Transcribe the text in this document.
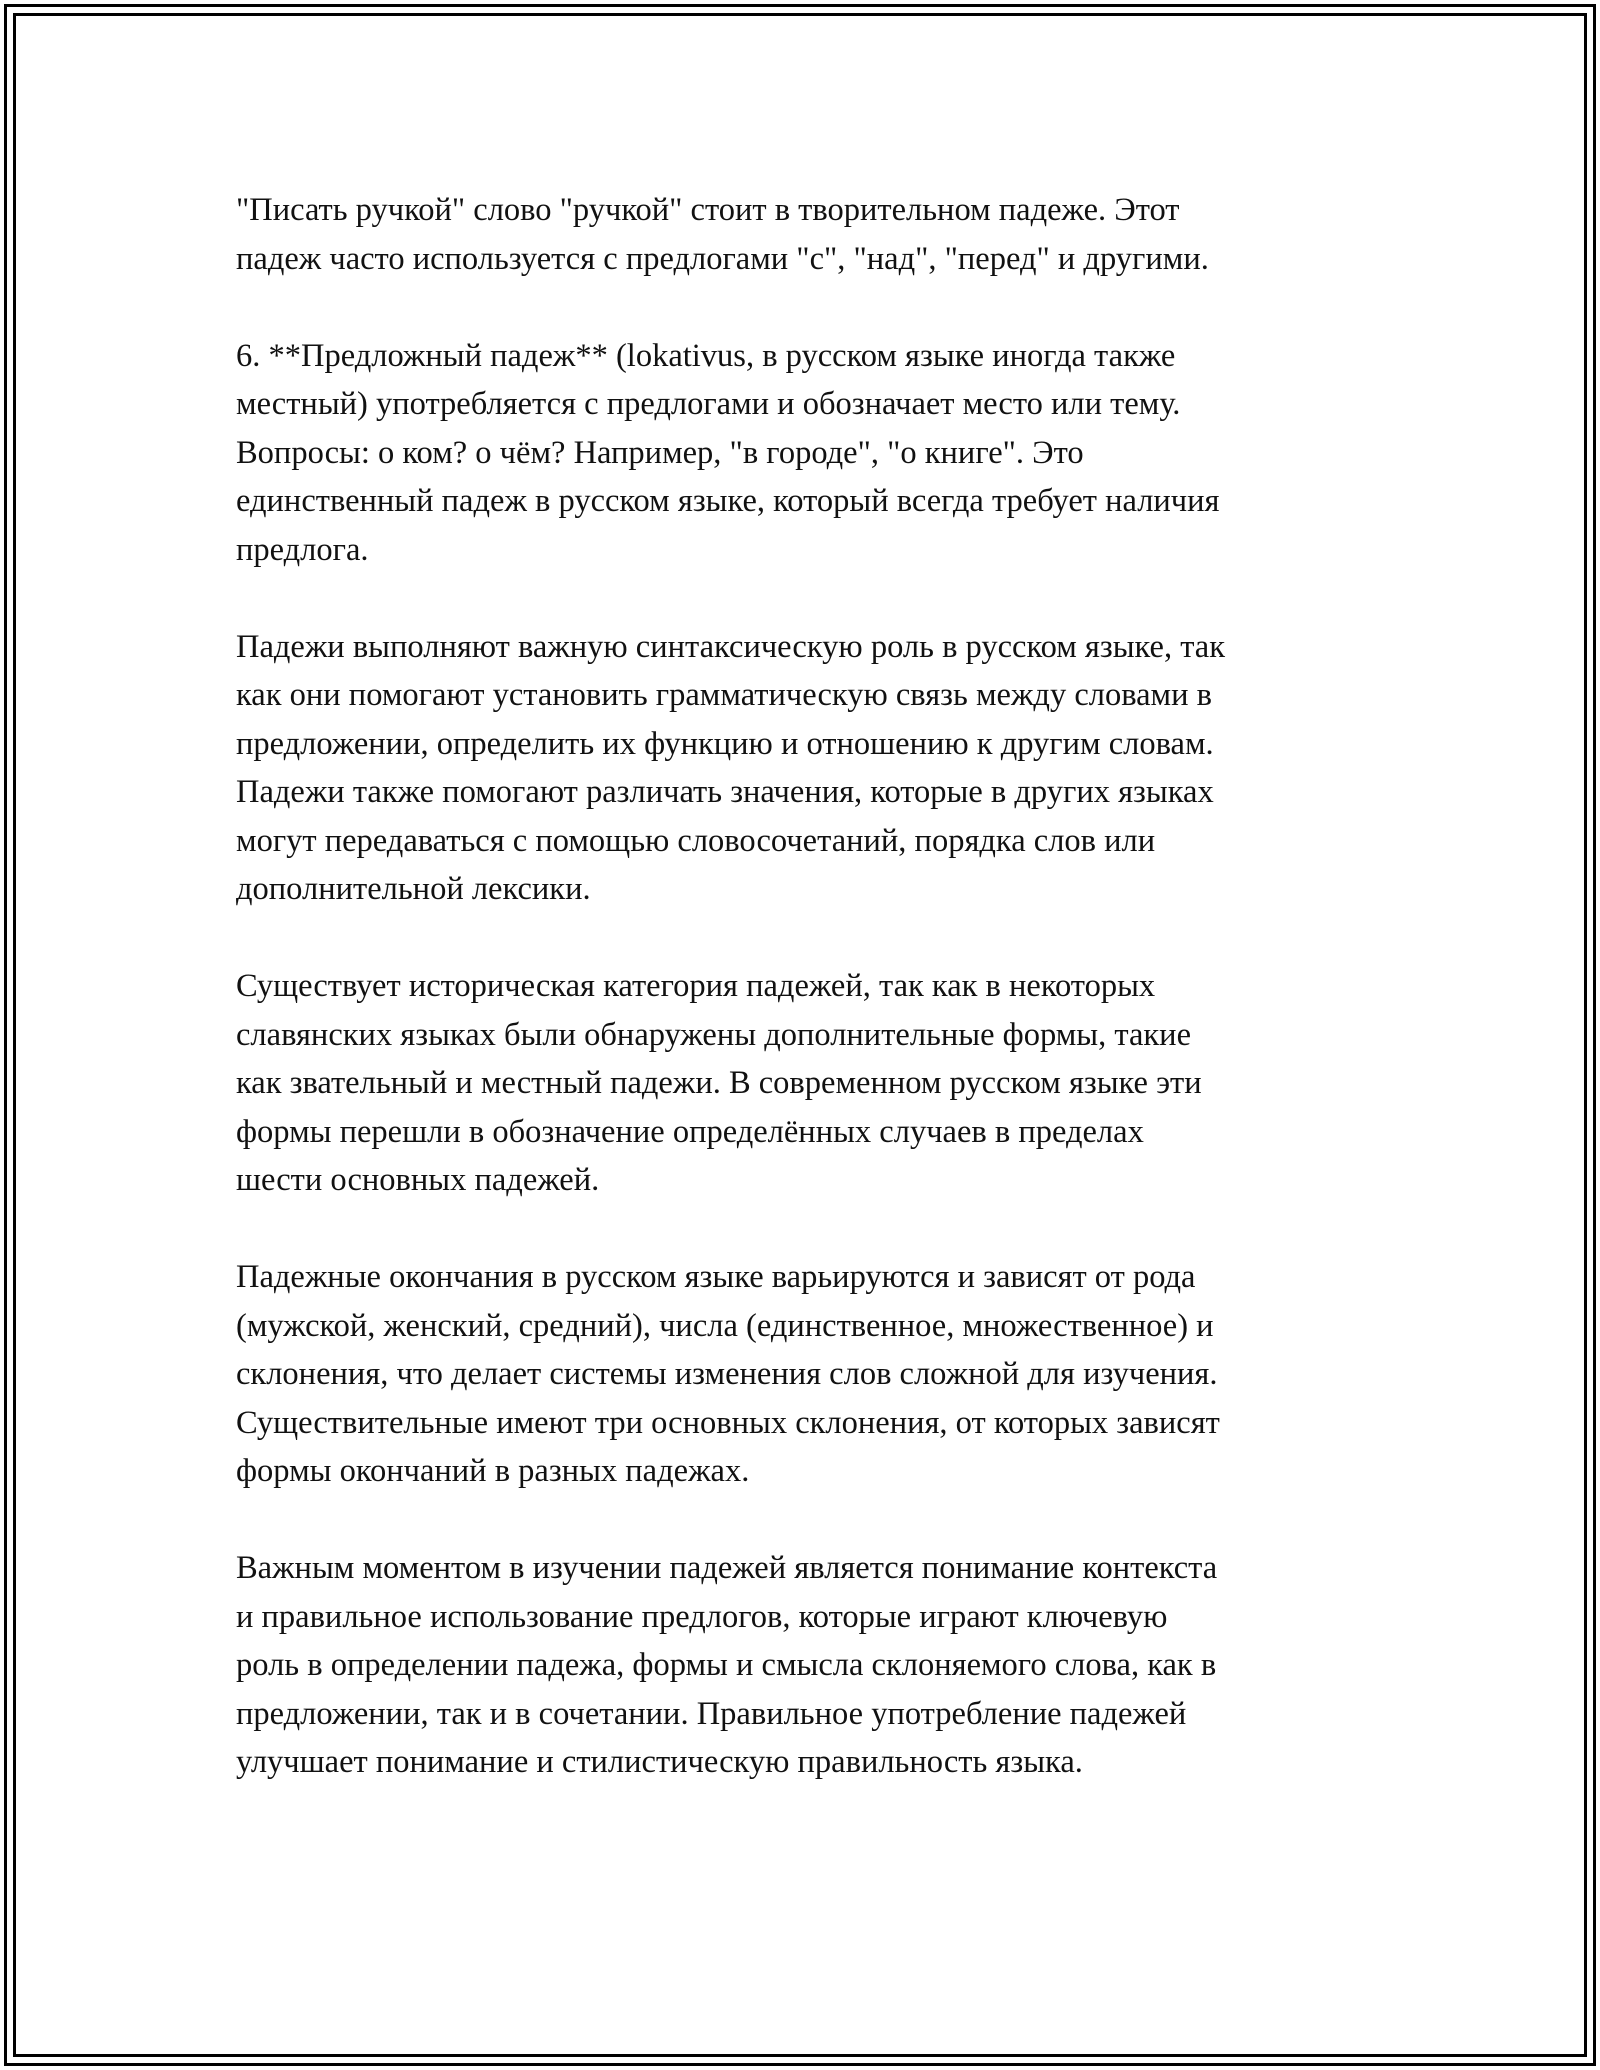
"Писать ручкой" слово "ручкой" стоит в творительном падеже. Этот
падеж часто используется с предлогами "с", "над", "перед" и другими.

6. **Предложный падеж** (lokativus, в русском языке иногда также
местный) употребляется с предлогами и обозначает место или тему.
Вопросы: о ком? о чём? Например, "в городе", "о книге". Это
единственный падеж в русском языке, который всегда требует наличия
предлога.

Падежи выполняют важную синтаксическую роль в русском языке, так
как они помогают установить грамматическую связь между словами в
предложении, определить их функцию и отношению к другим словам.
Падежи также помогают различать значения, которые в других языках
могут передаваться с помощью словосочетаний, порядка слов или
дополнительной лексики.

Существует историческая категория падежей, так как в некоторых
славянских языках были обнаружены дополнительные формы, такие
как звательный и местный падежи. В современном русском языке эти
формы перешли в обозначение определённых случаев в пределах
шести основных падежей.

Падежные окончания в русском языке варьируются и зависят от рода
(мужской, женский, средний), числа (единственное, множественное) и
склонения, что делает системы изменения слов сложной для изучения.
Существительные имеют три основных склонения, от которых зависят
формы окончаний в разных падежах.

Важным моментом в изучении падежей является понимание контекста
и правильное использование предлогов, которые играют ключевую
роль в определении падежа, формы и смысла склоняемого слова, как в
предложении, так и в сочетании. Правильное употребление падежей
улучшает понимание и стилистическую правильность языка.
